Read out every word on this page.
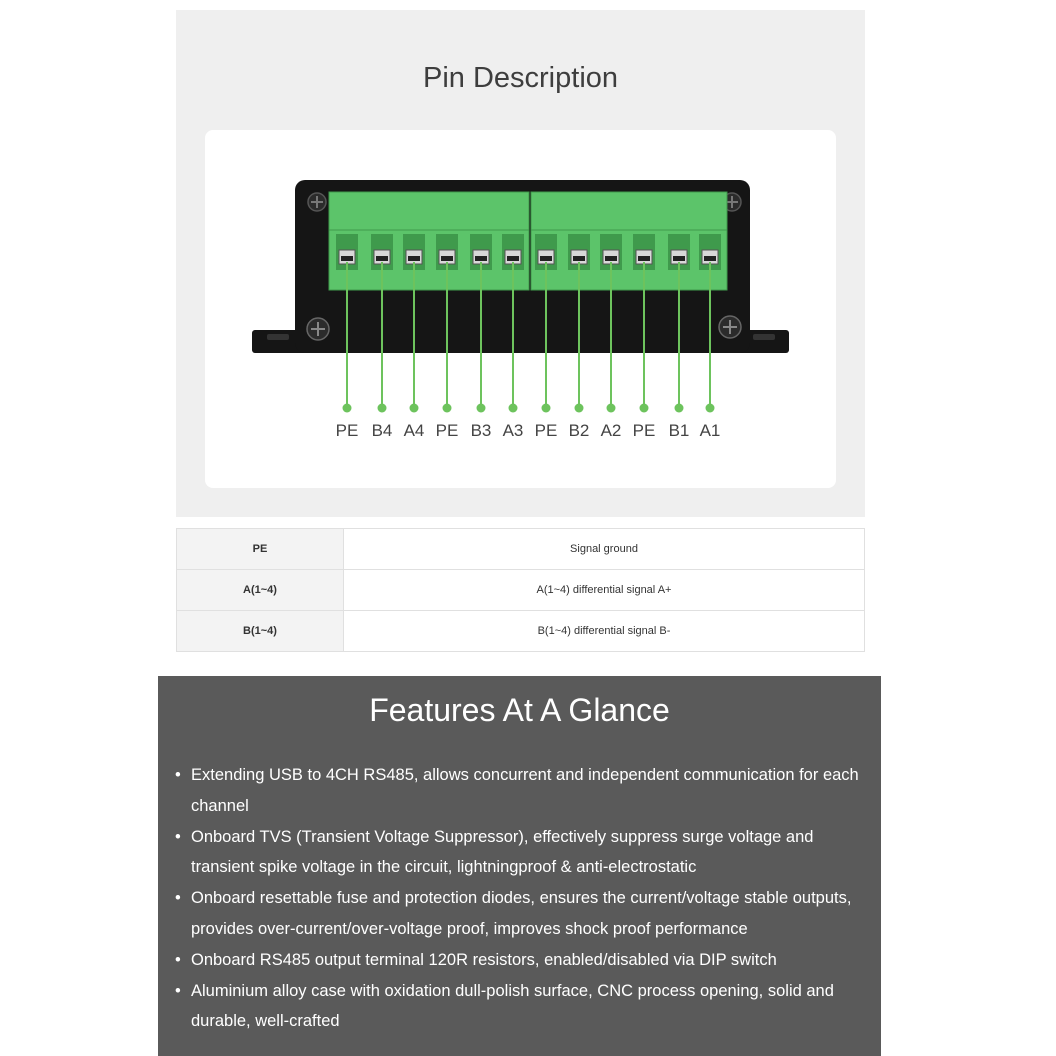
Pin Description
PE B4 A4 PE B3 A3 PE B2 A2 PE B1 A1
PE	Signal ground
A(1~4)	A(1~4) differential signal A+
B(1~4)	B(1~4) differential signal B-
Features At A Glance
• Extending USB to 4CH RS485, allows concurrent and independent communication for each channel
• Onboard TVS (Transient Voltage Suppressor), effectively suppress surge voltage and transient spike voltage in the circuit, lightningproof & anti-electrostatic
• Onboard resettable fuse and protection diodes, ensures the current/voltage stable outputs, provides over-current/over-voltage proof, improves shock proof performance
• Onboard RS485 output terminal 120R resistors, enabled/disabled via DIP switch
• Aluminium alloy case with oxidation dull-polish surface, CNC process opening, solid and durable, well-crafted
